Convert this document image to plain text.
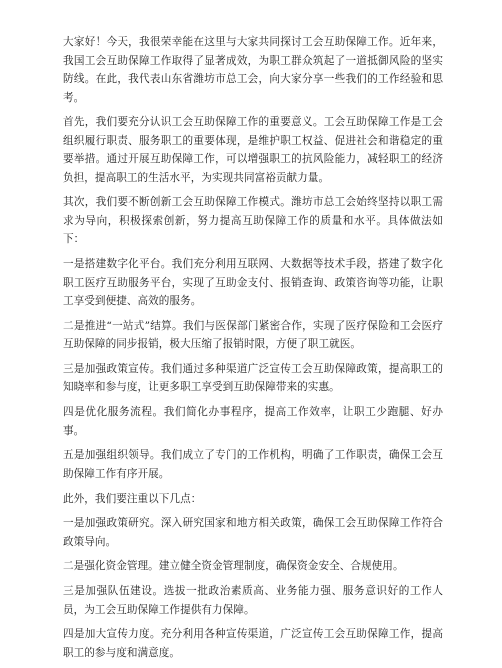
大家好！今天，我很荣幸能在这里与大家共同探讨工会互助保障工作。近年来，我国工会互助保障工作取得了显著成效，为职工群众筑起了一道抵御风险的坚实防线。在此，我代表山东省潍坊市总工会，向大家分享一些我们的工作经验和思考。

首先，我们要充分认识工会互助保障工作的重要意义。工会互助保障工作是工会组织履行职责、服务职工的重要体现，是维护职工权益、促进社会和谐稳定的重要举措。通过开展互助保障工作，可以增强职工的抗风险能力，减轻职工的经济负担，提高职工的生活水平，为实现共同富裕贡献力量。

其次，我们要不断创新工会互助保障工作模式。潍坊市总工会始终坚持以职工需求为导向，积极探索创新，努力提高互助保障工作的质量和水平。具体做法如下：

一是搭建数字化平台。我们充分利用互联网、大数据等技术手段，搭建了数字化职工医疗互助服务平台，实现了互助金支付、报销查询、政策咨询等功能，让职工享受到便捷、高效的服务。

二是推进“一站式”结算。我们与医保部门紧密合作，实现了医疗保险和工会医疗互助保障的同步报销，极大压缩了报销时限，方便了职工就医。

三是加强政策宣传。我们通过多种渠道广泛宣传工会互助保障政策，提高职工的知晓率和参与度，让更多职工享受到互助保障带来的实惠。

四是优化服务流程。我们简化办事程序，提高工作效率，让职工少跑腿、好办事。

五是加强组织领导。我们成立了专门的工作机构，明确了工作职责，确保工会互助保障工作有序开展。

此外，我们要注重以下几点：

一是加强政策研究。深入研究国家和地方相关政策，确保工会互助保障工作符合政策导向。

二是强化资金管理。建立健全资金管理制度，确保资金安全、合规使用。

三是加强队伍建设。选拔一批政治素质高、业务能力强、服务意识好的工作人员，为工会互助保障工作提供有力保障。

四是加大宣传力度。充分利用各种宣传渠道，广泛宣传工会互助保障工作，提高职工的参与度和满意度。
